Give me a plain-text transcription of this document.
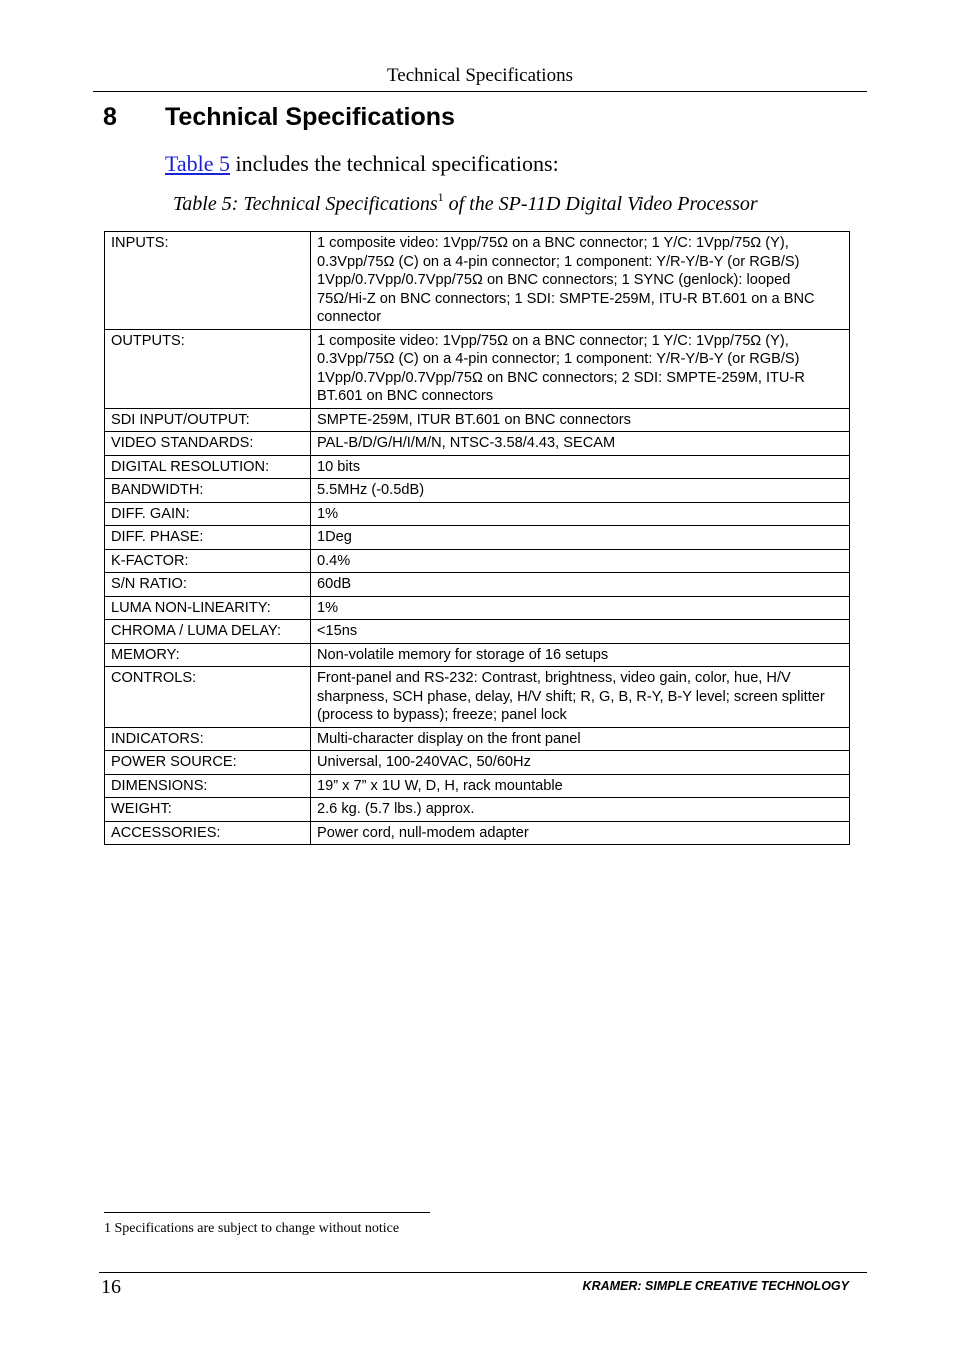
Technical Specifications
8 Technical Specifications
Table 5 includes the technical specifications:
Table 5: Technical Specifications$^1$ of the SP-11D Digital Video Processor
INPUTS:	1 composite video: 1Vpp/75Ω on a BNC connector; 1 Y/C: 1Vpp/75Ω (Y), 0.3Vpp/75Ω (C) on a 4‑pin connector; 1 component: Y/R‑Y/B‑Y (or RGB/S) 1Vpp/0.7Vpp/0.7Vpp/75Ω on BNC connectors; 1 SYNC (genlock): looped 75Ω/Hi‑Z on BNC connectors; 1 SDI: SMPTE-259M, ITU-R BT.601 on a BNC connector
OUTPUTS:	1 composite video: 1Vpp/75Ω on a BNC connector; 1 Y/C: 1Vpp/75Ω (Y), 0.3Vpp/75Ω (C) on a 4-pin connector; 1 component: Y/R-Y/B-Y (or RGB/S) 1Vpp/0.7Vpp/0.7Vpp/75Ω on BNC connectors; 2 SDI: SMPTE-259M, ITU-R BT.601 on BNC connectors
SDI INPUT/OUTPUT:	SMPTE‑259M, ITUR BT.601 on BNC connectors
VIDEO STANDARDS:	PAL-B/D/G/H/I/M/N, NTSC-3.58/4.43, SECAM
DIGITAL RESOLUTION:	10 bits
BANDWIDTH:	5.5MHz (‑0.5dB)
DIFF. GAIN:	1%
DIFF. PHASE:	1Deg
K-FACTOR:	0.4%
S/N RATIO:	60dB
LUMA NON-LINEARITY:	1%
CHROMA / LUMA DELAY:	<15ns
MEMORY:	Non-volatile memory for storage of 16 setups
CONTROLS:	Front-panel and RS-232: Contrast, brightness, video gain, color, hue, H/V sharpness, SCH phase, delay, H/V shift; R, G, B, R-Y, B-Y level; screen splitter (process to bypass); freeze; panel lock
INDICATORS:	Multi-character display on the front panel
POWER SOURCE:	Universal, 100-240VAC, 50/60Hz
DIMENSIONS:	19” x 7” x 1U W, D, H, rack mountable
WEIGHT:	2.6 kg. (5.7 lbs.) approx.
ACCESSORIES:	Power cord, null-modem adapter
1 Specifications are subject to change without notice
16	KRAMER: SIMPLE CREATIVE TECHNOLOGY
